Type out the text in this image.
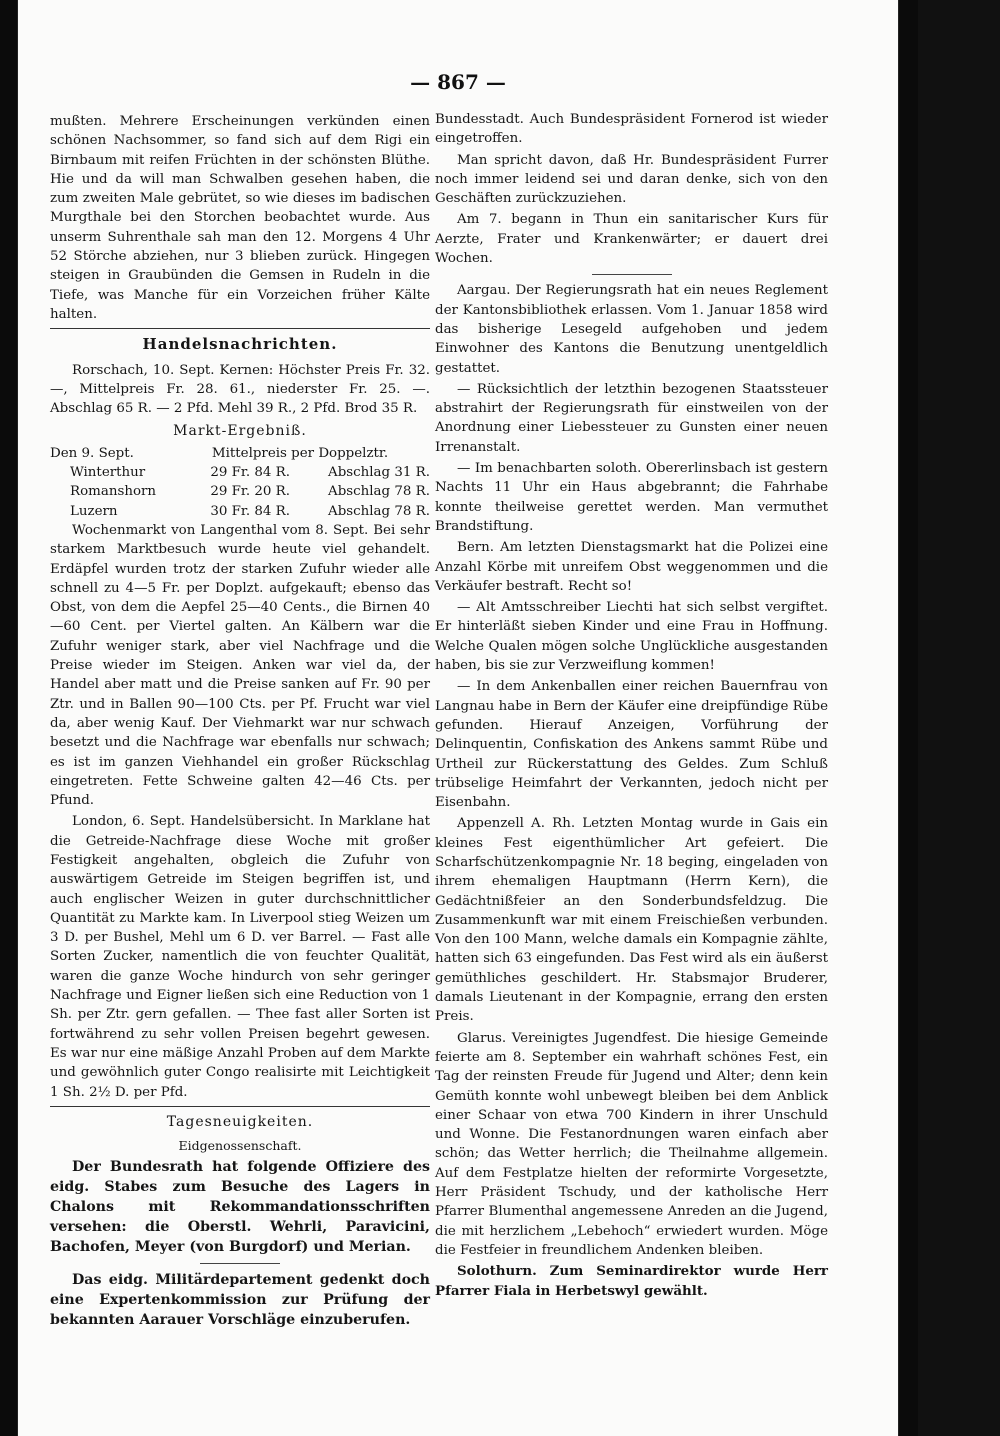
— 867 —

mußten. Mehrere Erscheinungen verkünden einen schönen Nachsommer, so fand sich auf dem Rigi ein Birnbaum mit reifen Früchten in der schönsten Blüthe. Hie und da will man Schwalben gesehen haben, die zum zweiten Male gebrütet, so wie dieses im badischen Murgthale bei den Storchen beobachtet wurde. Aus unserm Suhrenthale sah man den 12. Morgens 4 Uhr 52 Störche abziehen, nur 3 blieben zurück. Hingegen steigen in Graubünden die Gemsen in Rudeln in die Tiefe, was Manche für ein Vorzeichen früher Kälte halten.

Handelsnachrichten.

Rorschach, 10. Sept. Kernen: Höchster Preis Fr. 32. —, Mittelpreis Fr. 28. 61., niederster Fr. 25. —. Abschlag 65 R. — 2 Pfd. Mehl 39 R., 2 Pfd. Brod 35 R.

Markt-Ergebniß.
Den 9. Sept.	Mittelpreis per Doppelztr.	
Winterthur	29 Fr. 84 R.	Abschlag 31 R.
Romanshorn	29 Fr. 20 R.	Abschlag 78 R.
Luzern	30 Fr. 84 R.	Abschlag 78 R.

Wochenmarkt von Langenthal vom 8. Sept. Bei sehr starkem Marktbesuch wurde heute viel gehandelt. Erdäpfel wurden trotz der starken Zufuhr wieder alle schnell zu 4—5 Fr. per Doplzt. aufgekauft; ebenso das Obst, von dem die Aepfel 25—40 Cents., die Birnen 40—60 Cent. per Viertel galten. An Kälbern war die Zufuhr weniger stark, aber viel Nachfrage und die Preise wieder im Steigen. Anken war viel da, der Handel aber matt und die Preise sanken auf Fr. 90 per Ztr. und in Ballen 90—100 Cts. per Pf. Frucht war viel da, aber wenig Kauf. Der Viehmarkt war nur schwach besetzt und die Nachfrage war ebenfalls nur schwach; es ist im ganzen Viehhandel ein großer Rückschlag eingetreten. Fette Schweine galten 42—46 Cts. per Pfund.

London, 6. Sept. Handelsübersicht. In Marklane hat die Getreide-Nachfrage diese Woche mit großer Festigkeit angehalten, obgleich die Zufuhr von auswärtigem Getreide im Steigen begriffen ist, und auch englischer Weizen in guter durchschnittlicher Quantität zu Markte kam. In Liverpool stieg Weizen um 3 D. per Bushel, Mehl um 6 D. ver Barrel. — Fast alle Sorten Zucker, namentlich die von feuchter Qualität, waren die ganze Woche hindurch von sehr geringer Nachfrage und Eigner ließen sich eine Reduction von 1 Sh. per Ztr. gern gefallen. — Thee fast aller Sorten ist fortwährend zu sehr vollen Preisen begehrt gewesen. Es war nur eine mäßige Anzahl Proben auf dem Markte und gewöhnlich guter Congo realisirte mit Leichtigkeit 1 Sh. 2½ D. per Pfd.

Tagesneuigkeiten.
Eidgenossenschaft.

Der Bundesrath hat folgende Offiziere des eidg. Stabes zum Besuche des Lagers in Chalons mit Rekommandationsschriften versehen: die Oberstl. Wehrli, Paravicini, Bachofen, Meyer (von Burgdorf) und Merian.

Das eidg. Militärdepartement gedenkt doch eine Expertenkommission zur Prüfung der bekannten Aarauer Vorschläge einzuberufen.

Bundesstadt. Auch Bundespräsident Fornerod ist wieder eingetroffen.

Man spricht davon, daß Hr. Bundespräsident Furrer noch immer leidend sei und daran denke, sich von den Geschäften zurückzuziehen.

Am 7. begann in Thun ein sanitarischer Kurs für Aerzte, Frater und Krankenwärter; er dauert drei Wochen.

Aargau. Der Regierungsrath hat ein neues Reglement der Kantonsbibliothek erlassen. Vom 1. Januar 1858 wird das bisherige Lesegeld aufgehoben und jedem Einwohner des Kantons die Benutzung unentgeldlich gestattet.

— Rücksichtlich der letzthin bezogenen Staatssteuer abstrahirt der Regierungsrath für einstweilen von der Anordnung einer Liebessteuer zu Gunsten einer neuen Irrenanstalt.

— Im benachbarten soloth. Obererlinsbach ist gestern Nachts 11 Uhr ein Haus abgebrannt; die Fahrhabe konnte theilweise gerettet werden. Man vermuthet Brandstiftung.

Bern. Am letzten Dienstagsmarkt hat die Polizei eine Anzahl Körbe mit unreifem Obst weggenommen und die Verkäufer bestraft. Recht so!

— Alt Amtsschreiber Liechti hat sich selbst vergiftet. Er hinterläßt sieben Kinder und eine Frau in Hoffnung. Welche Qualen mögen solche Unglückliche ausgestanden haben, bis sie zur Verzweiflung kommen!

— In dem Ankenballen einer reichen Bauernfrau von Langnau habe in Bern der Käufer eine dreipfündige Rübe gefunden. Hierauf Anzeigen, Vorführung der Delinquentin, Confiskation des Ankens sammt Rübe und Urtheil zur Rückerstattung des Geldes. Zum Schluß trübselige Heimfahrt der Verkannten, jedoch nicht per Eisenbahn.

Appenzell A. Rh. Letzten Montag wurde in Gais ein kleines Fest eigenthümlicher Art gefeiert. Die Scharfschützenkompagnie Nr. 18 beging, eingeladen von ihrem ehemaligen Hauptmann (Herrn Kern), die Gedächtnißfeier an den Sonderbundsfeldzug. Die Zusammenkunft war mit einem Freischießen verbunden. Von den 100 Mann, welche damals ein Kompagnie zählte, hatten sich 63 eingefunden. Das Fest wird als ein äußerst gemüthliches geschildert. Hr. Stabsmajor Bruderer, damals Lieutenant in der Kompagnie, errang den ersten Preis.

Glarus. Vereinigtes Jugendfest. Die hiesige Gemeinde feierte am 8. September ein wahrhaft schönes Fest, ein Tag der reinsten Freude für Jugend und Alter; denn kein Gemüth konnte wohl unbewegt bleiben bei dem Anblick einer Schaar von etwa 700 Kindern in ihrer Unschuld und Wonne. Die Festanordnungen waren einfach aber schön; das Wetter herrlich; die Theilnahme allgemein. Auf dem Festplatze hielten der reformirte Vorgesetzte, Herr Präsident Tschudy, und der katholische Herr Pfarrer Blumenthal angemessene Anreden an die Jugend, die mit herzlichem „Lebehoch“ erwiedert wurden. Möge die Festfeier in freundlichem Andenken bleiben.

Solothurn. Zum Seminardirektor wurde Herr Pfarrer Fiala in Herbetswyl gewählt.
